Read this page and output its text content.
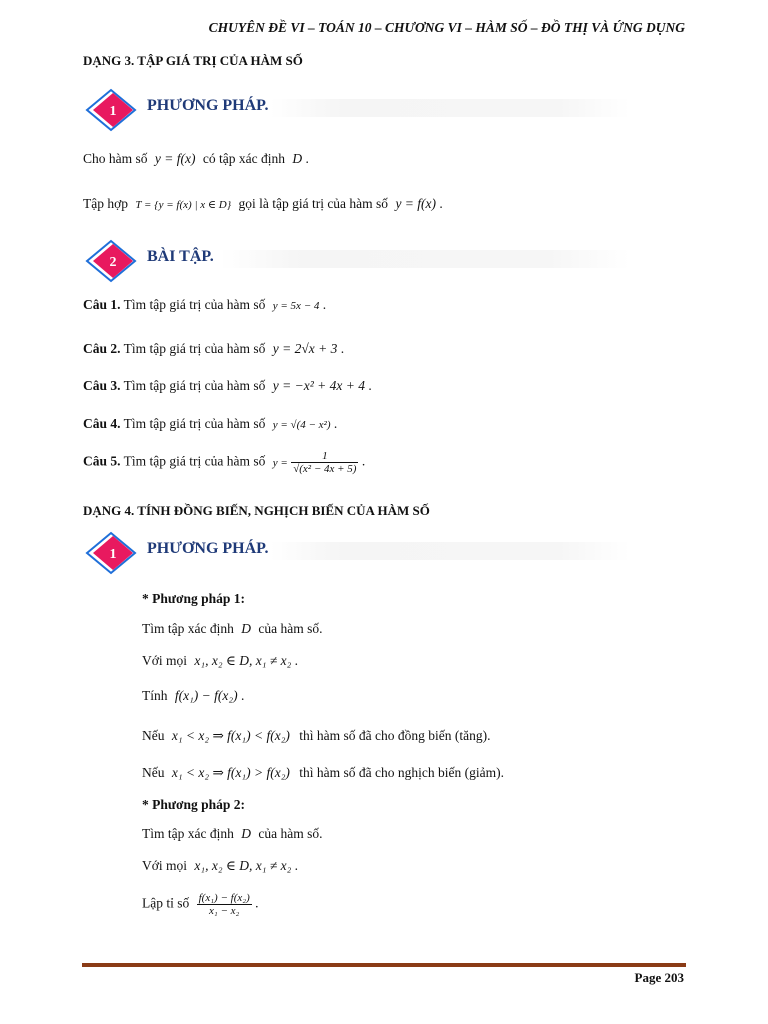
CHUYÊN ĐỀ VI – TOÁN 10 – CHƯƠNG VI – HÀM SỐ – ĐỒ THỊ VÀ ỨNG DỤNG
DẠNG 3. TẬP GIÁ TRỊ CỦA HÀM SỐ
1 PHƯƠNG PHÁP.
Cho hàm số y = f(x) có tập xác định D .
Tập hợp T = {y = f(x) | x ∈ D} gọi là tập giá trị của hàm số y = f(x) .
2 BÀI TẬP.
Câu 1. Tìm tập giá trị của hàm số y = 5x − 4 .
Câu 2. Tìm tập giá trị của hàm số y = 2√x + 3 .
Câu 3. Tìm tập giá trị của hàm số y = −x² + 4x + 4 .
Câu 4. Tìm tập giá trị của hàm số y = √(4 − x²) .
Câu 5. Tìm tập giá trị của hàm số $y = \frac{1}{\text{√(x² − 4x + 5)}}$ .
DẠNG 4. TÍNH ĐỒNG BIẾN, NGHỊCH BIẾN CỦA HÀM SỐ
1 PHƯƠNG PHÁP.
* Phương pháp 1:
Tìm tập xác định D của hàm số.
Với mọi x₁, x₂ ∈ D, x₁ ≠ x₂ .
Tính f(x₁) − f(x₂) .
Nếu x₁ < x₂ ⇒ f(x₁) < f(x₂) thì hàm số đã cho đồng biến (tăng).
Nếu x₁ < x₂ ⇒ f(x₁) > f(x₂) thì hàm số đã cho nghịch biến (giảm).
* Phương pháp 2:
Tìm tập xác định D của hàm số.
Với mọi x₁, x₂ ∈ D, x₁ ≠ x₂ .
Lập tỉ số $\frac{\text{f(x₁) − f(x₂)}}{\text{x₁ − x₂}}$ .
Page 203
